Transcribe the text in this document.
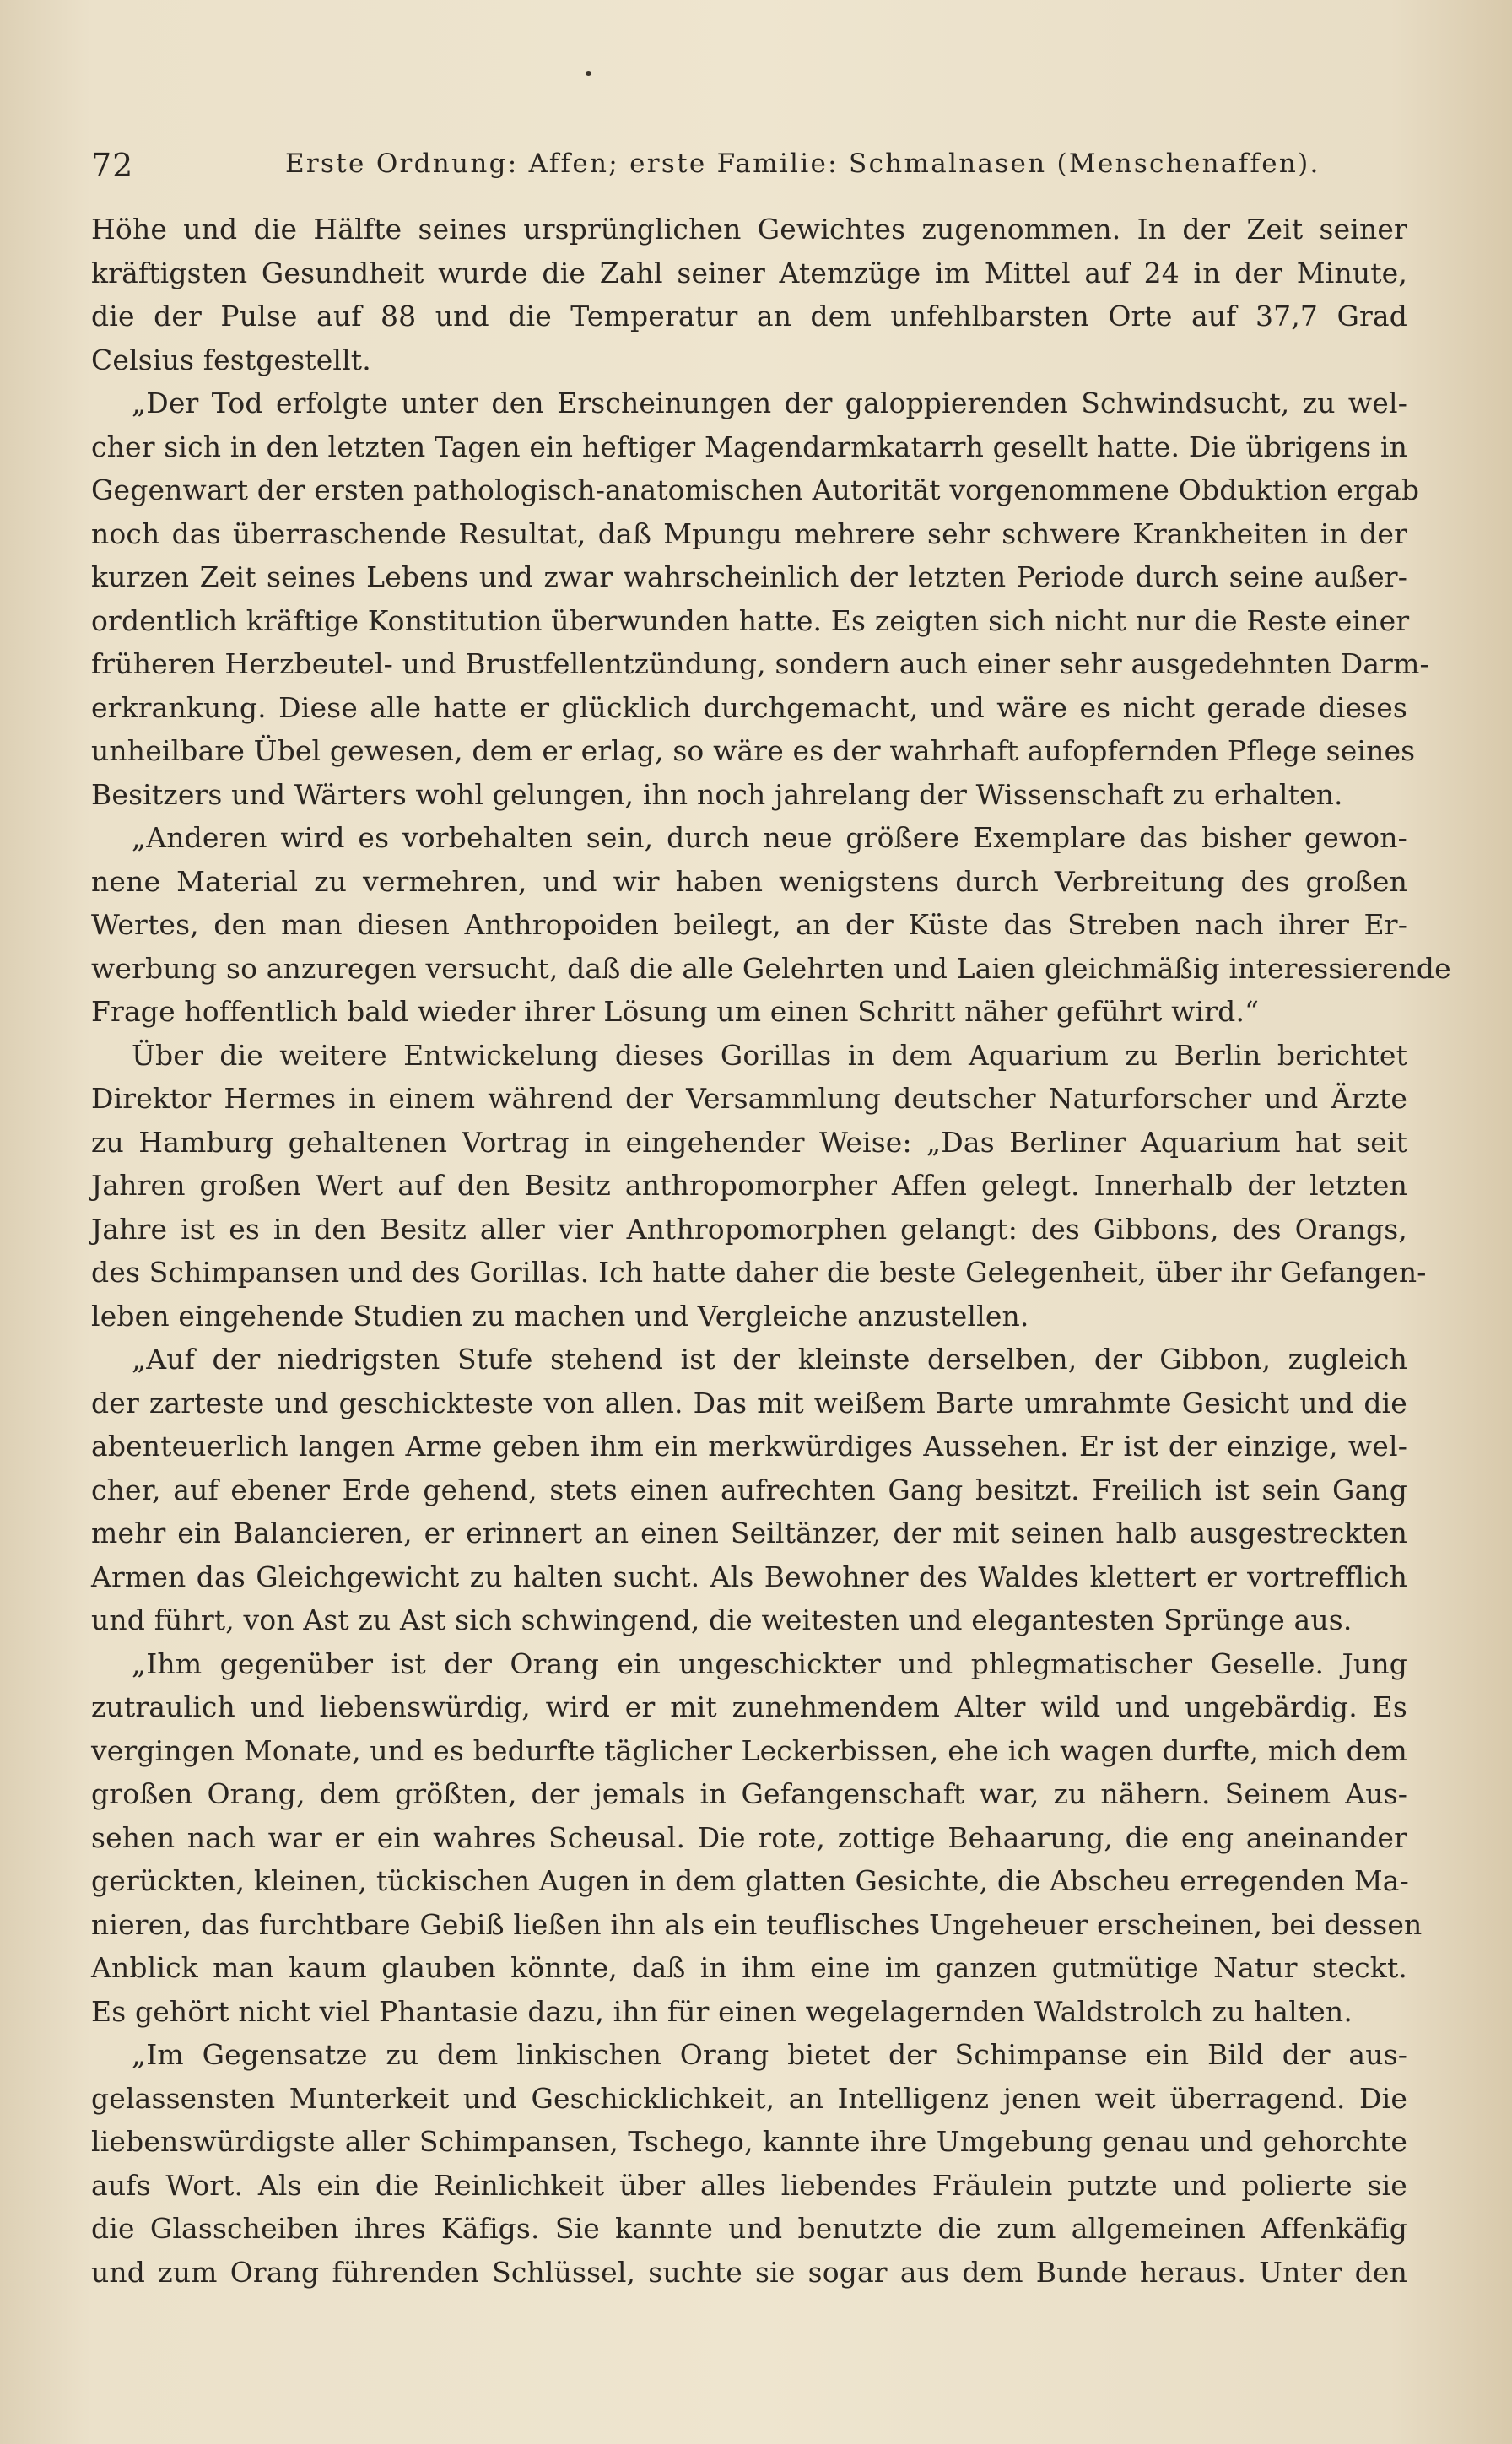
72	Erste Ordnung: Affen; erste Familie: Schmalnasen (Menschenaffen).
Höhe und die Hälfte seines ursprünglichen Gewichtes zugenommen. In der Zeit seiner
kräftigsten Gesundheit wurde die Zahl seiner Atemzüge im Mittel auf 24 in der Minute,
die der Pulse auf 88 und die Temperatur an dem unfehlbarsten Orte auf 37,7 Grad
Celsius festgestellt.
„Der Tod erfolgte unter den Erscheinungen der galoppierenden Schwindsucht, zu wel-
cher sich in den letzten Tagen ein heftiger Magendarmkatarrh gesellt hatte. Die übrigens in
Gegenwart der ersten pathologisch-anatomischen Autorität vorgenommene Obduktion ergab
noch das überraschende Resultat, daß Mpungu mehrere sehr schwere Krankheiten in der
kurzen Zeit seines Lebens und zwar wahrscheinlich der letzten Periode durch seine außer-
ordentlich kräftige Konstitution überwunden hatte. Es zeigten sich nicht nur die Reste einer
früheren Herzbeutel- und Brustfellentzündung, sondern auch einer sehr ausgedehnten Darm-
erkrankung. Diese alle hatte er glücklich durchgemacht, und wäre es nicht gerade dieses
unheilbare Übel gewesen, dem er erlag, so wäre es der wahrhaft aufopfernden Pflege seines
Besitzers und Wärters wohl gelungen, ihn noch jahrelang der Wissenschaft zu erhalten.
„Anderen wird es vorbehalten sein, durch neue größere Exemplare das bisher gewon-
nene Material zu vermehren, und wir haben wenigstens durch Verbreitung des großen
Wertes, den man diesen Anthropoiden beilegt, an der Küste das Streben nach ihrer Er-
werbung so anzuregen versucht, daß die alle Gelehrten und Laien gleichmäßig interessierende
Frage hoffentlich bald wieder ihrer Lösung um einen Schritt näher geführt wird.“
Über die weitere Entwickelung dieses Gorillas in dem Aquarium zu Berlin berichtet
Direktor Hermes in einem während der Versammlung deutscher Naturforscher und Ärzte
zu Hamburg gehaltenen Vortrag in eingehender Weise: „Das Berliner Aquarium hat seit
Jahren großen Wert auf den Besitz anthropomorpher Affen gelegt. Innerhalb der letzten
Jahre ist es in den Besitz aller vier Anthropomorphen gelangt: des Gibbons, des Orangs,
des Schimpansen und des Gorillas. Ich hatte daher die beste Gelegenheit, über ihr Gefangen-
leben eingehende Studien zu machen und Vergleiche anzustellen.
„Auf der niedrigsten Stufe stehend ist der kleinste derselben, der Gibbon, zugleich
der zarteste und geschickteste von allen. Das mit weißem Barte umrahmte Gesicht und die
abenteuerlich langen Arme geben ihm ein merkwürdiges Aussehen. Er ist der einzige, wel-
cher, auf ebener Erde gehend, stets einen aufrechten Gang besitzt. Freilich ist sein Gang
mehr ein Balancieren, er erinnert an einen Seiltänzer, der mit seinen halb ausgestreckten
Armen das Gleichgewicht zu halten sucht. Als Bewohner des Waldes klettert er vortrefflich
und führt, von Ast zu Ast sich schwingend, die weitesten und elegantesten Sprünge aus.
„Ihm gegenüber ist der Orang ein ungeschickter und phlegmatischer Geselle. Jung
zutraulich und liebenswürdig, wird er mit zunehmendem Alter wild und ungebärdig. Es
vergingen Monate, und es bedurfte täglicher Leckerbissen, ehe ich wagen durfte, mich dem
großen Orang, dem größten, der jemals in Gefangenschaft war, zu nähern. Seinem Aus-
sehen nach war er ein wahres Scheusal. Die rote, zottige Behaarung, die eng aneinander
gerückten, kleinen, tückischen Augen in dem glatten Gesichte, die Abscheu erregenden Ma-
nieren, das furchtbare Gebiß ließen ihn als ein teuflisches Ungeheuer erscheinen, bei dessen
Anblick man kaum glauben könnte, daß in ihm eine im ganzen gutmütige Natur steckt.
Es gehört nicht viel Phantasie dazu, ihn für einen wegelagernden Waldstrolch zu halten.
„Im Gegensatze zu dem linkischen Orang bietet der Schimpanse ein Bild der aus-
gelassensten Munterkeit und Geschicklichkeit, an Intelligenz jenen weit überragend. Die
liebenswürdigste aller Schimpansen, Tschego, kannte ihre Umgebung genau und gehorchte
aufs Wort. Als ein die Reinlichkeit über alles liebendes Fräulein putzte und polierte sie
die Glasscheiben ihres Käfigs. Sie kannte und benutzte die zum allgemeinen Affenkäfig
und zum Orang führenden Schlüssel, suchte sie sogar aus dem Bunde heraus. Unter den
